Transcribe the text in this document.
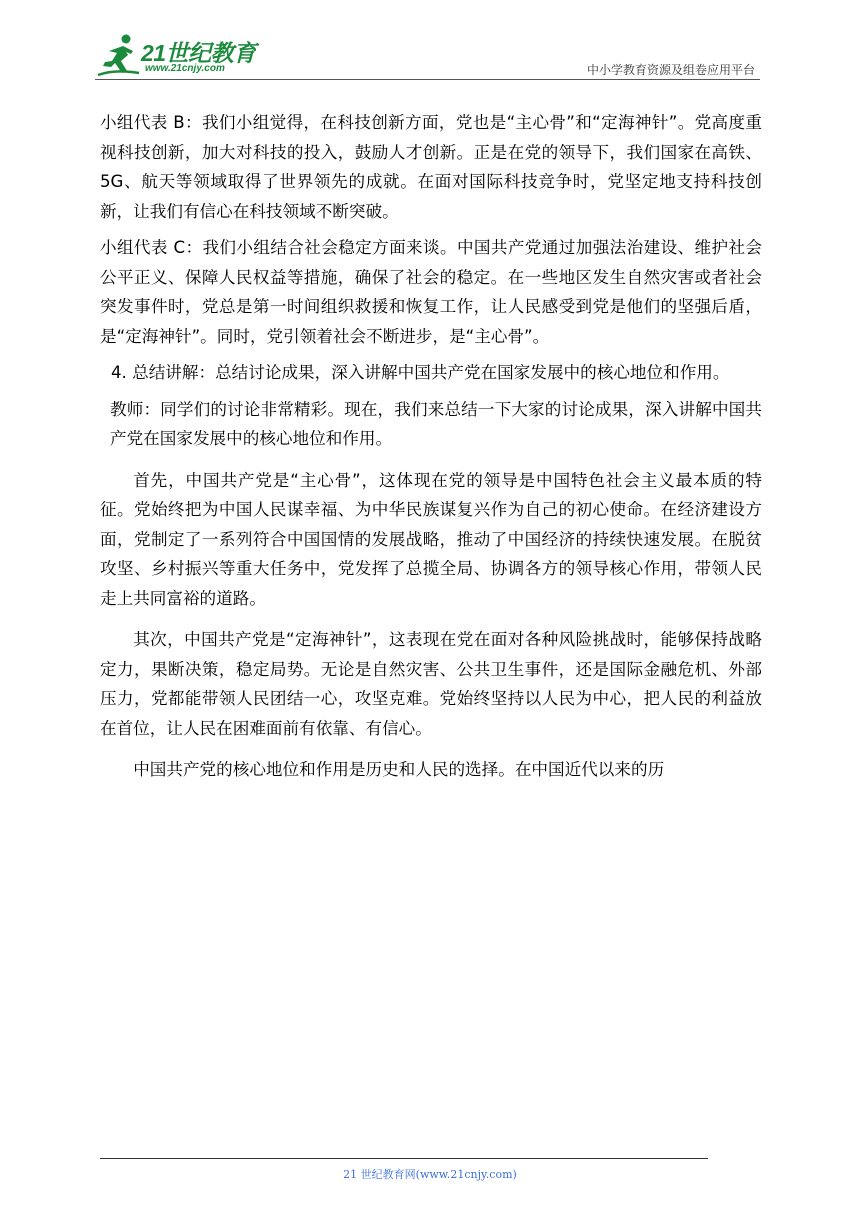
21世纪教育
www.21cnjy.com	中小学教育资源及组卷应用平台

小组代表 B：我们小组觉得，在科技创新方面，党也是“主心骨”和“定海神针”。党高度重视科技创新，加大对科技的投入，鼓励人才创新。正是在党的领导下，我们国家在高铁、5G、航天等领域取得了世界领先的成就。在面对国际科技竞争时，党坚定地支持科技创新，让我们有信心在科技领域不断突破。

小组代表 C：我们小组结合社会稳定方面来谈。中国共产党通过加强法治建设、维护社会公平正义、保障人民权益等措施，确保了社会的稳定。在一些地区发生自然灾害或者社会突发事件时，党总是第一时间组织救援和恢复工作，让人民感受到党是他们的坚强后盾，是“定海神针”。同时，党引领着社会不断进步，是“主心骨”。

4. 总结讲解：总结讨论成果，深入讲解中国共产党在国家发展中的核心地位和作用。

教师：同学们的讨论非常精彩。现在，我们来总结一下大家的讨论成果，深入讲解中国共产党在国家发展中的核心地位和作用。

首先，中国共产党是“主心骨”，这体现在党的领导是中国特色社会主义最本质的特征。党始终把为中国人民谋幸福、为中华民族谋复兴作为自己的初心使命。在经济建设方面，党制定了一系列符合中国国情的发展战略，推动了中国经济的持续快速发展。在脱贫攻坚、乡村振兴等重大任务中，党发挥了总揽全局、协调各方的领导核心作用，带领人民走上共同富裕的道路。

其次，中国共产党是“定海神针”，这表现在党在面对各种风险挑战时，能够保持战略定力，果断决策，稳定局势。无论是自然灾害、公共卫生事件，还是国际金融危机、外部压力，党都能带领人民团结一心，攻坚克难。党始终坚持以人民为中心，把人民的利益放在首位，让人民在困难面前有依靠、有信心。

中国共产党的核心地位和作用是历史和人民的选择。在中国近代以来的历

21 世纪教育网(www.21cnjy.com)
